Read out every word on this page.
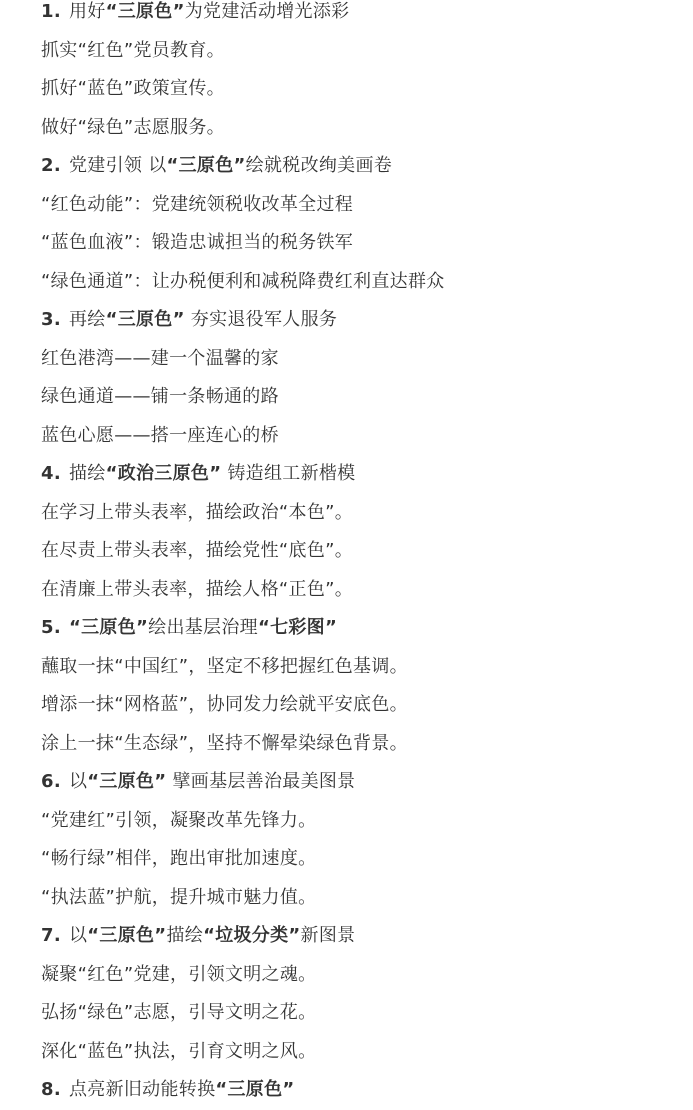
1. 用好“三原色”为党建活动增光添彩
抓实“红色”党员教育。
抓好“蓝色”政策宣传。
做好“绿色”志愿服务。
2. 党建引领 以“三原色”绘就税改绚美画卷
“红色动能”：党建统领税收改革全过程
“蓝色血液”：锻造忠诚担当的税务铁军
“绿色通道”：让办税便利和减税降费红利直达群众
3. 再绘“三原色” 夯实退役军人服务
红色港湾——建一个温馨的家
绿色通道——铺一条畅通的路
蓝色心愿——搭一座连心的桥
4. 描绘“政治三原色” 铸造组工新楷模
在学习上带头表率，描绘政治“本色”。
在尽责上带头表率，描绘党性“底色”。
在清廉上带头表率，描绘人格“正色”。
5. “三原色”绘出基层治理“七彩图”
蘸取一抹“中国红”，坚定不移把握红色基调。
增添一抹“网格蓝”，协同发力绘就平安底色。
涂上一抹“生态绿”，坚持不懈晕染绿色背景。
6. 以“三原色” 擘画基层善治最美图景
“党建红”引领，凝聚改革先锋力。
“畅行绿”相伴，跑出审批加速度。
“执法蓝”护航，提升城市魅力值。
7. 以“三原色”描绘“垃圾分类”新图景
凝聚“红色”党建，引领文明之魂。
弘扬“绿色”志愿，引导文明之花。
深化“蓝色”执法，引育文明之风。
8. 点亮新旧动能转换“三原色”
